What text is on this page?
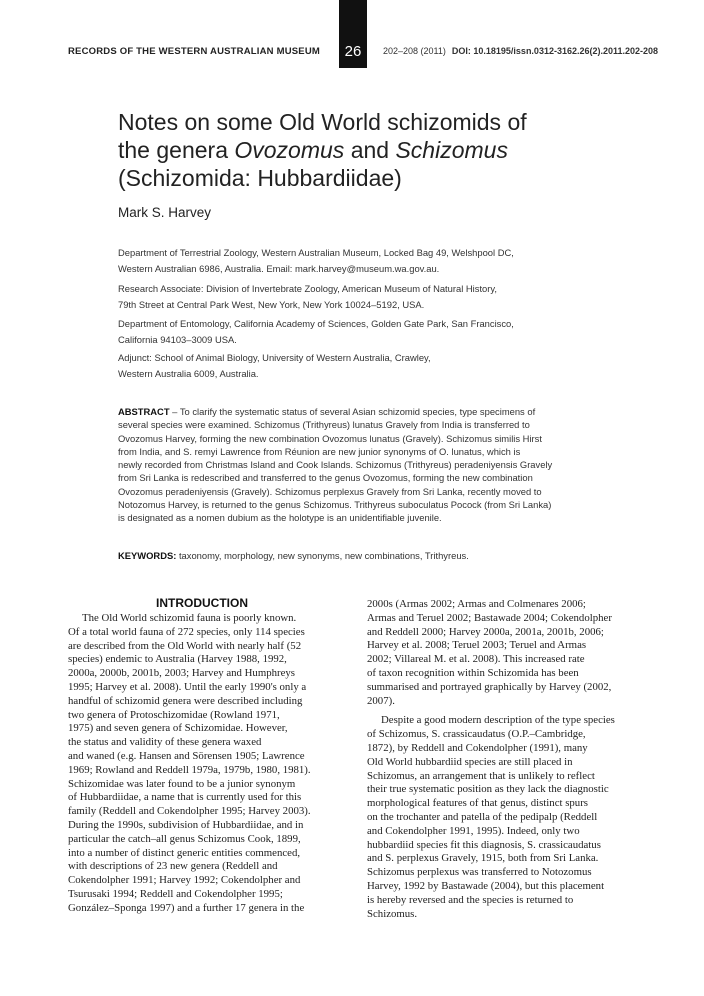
RECORDS OF THE WESTERN AUSTRALIAN MUSEUM 26 202–208 (2011) DOI: 10.18195/issn.0312-3162.26(2).2011.202-208
Notes on some Old World schizomids of
the genera Ovozomus and Schizomus
(Schizomida: Hubbardiidae)
Mark S. Harvey
Department of Terrestrial Zoology, Western Australian Museum, Locked Bag 49, Welshpool DC,
Western Australian 6986, Australia. Email: mark.harvey@museum.wa.gov.au.
Research Associate: Division of Invertebrate Zoology, American Museum of Natural History,
79th Street at Central Park West, New York, New York 10024–5192, USA.
Department of Entomology, California Academy of Sciences, Golden Gate Park, San Francisco,
California 94103–3009 USA.
Adjunct: School of Animal Biology, University of Western Australia, Crawley,
Western Australia 6009, Australia.
ABSTRACT – To clarify the systematic status of several Asian schizomid species, type specimens of
several species were examined. Schizomus (Trithyreus) lunatus Gravely from India is transferred to
Ovozomus Harvey, forming the new combination Ovozomus lunatus (Gravely). Schizomus similis Hirst
from India, and S. remyi Lawrence from Réunion are new junior synonyms of O. lunatus, which is
newly recorded from Christmas Island and Cook Islands. Schizomus (Trithyreus) peradeniyensis Gravely
from Sri Lanka is redescribed and transferred to the genus Ovozomus, forming the new combination
Ovozomus peradeniyensis (Gravely). Schizomus perplexus Gravely from Sri Lanka, recently moved to
Notozomus Harvey, is returned to the genus Schizomus. Trithyreus suboculatus Pocock (from Sri Lanka)
is designated as a nomen dubium as the holotype is an unidentifiable juvenile.
KEYWORDS: taxonomy, morphology, new synonyms, new combinations, Trithyreus.
INTRODUCTION
The Old World schizomid fauna is poorly known.
Of a total world fauna of 272 species, only 114 species
are described from the Old World with nearly half (52
species) endemic to Australia (Harvey 1988, 1992,
2000a, 2000b, 2001b, 2003; Harvey and Humphreys
1995; Harvey et al. 2008). Until the early 1990's only a
handful of schizomid genera were described including
two genera of Protoschizomidae (Rowland 1971,
1975) and seven genera of Schizomidae. However,
the status and validity of these genera waxed
and waned (e.g. Hansen and Sörensen 1905; Lawrence
1969; Rowland and Reddell 1979a, 1979b, 1980, 1981).
Schizomidae was later found to be a junior synonym
of Hubbardiidae, a name that is currently used for this
family (Reddell and Cokendolpher 1995; Harvey 2003).
During the 1990s, subdivision of Hubbardiidae, and in
particular the catch–all genus Schizomus Cook, 1899,
into a number of distinct generic entities commenced,
with descriptions of 23 new genera (Reddell and
Cokendolpher 1991; Harvey 1992; Cokendolpher and
Tsurusaki 1994; Reddell and Cokendolpher 1995;
González–Sponga 1997) and a further 17 genera in the
2000s (Armas 2002; Armas and Colmenares 2006;
Armas and Teruel 2002; Bastawade 2004; Cokendolpher
and Reddell 2000; Harvey 2000a, 2001a, 2001b, 2006;
Harvey et al. 2008; Teruel 2003; Teruel and Armas
2002; Villareal M. et al. 2008). This increased rate
of taxon recognition within Schizomida has been
summarised and portrayed graphically by Harvey (2002,
2007).
Despite a good modern description of the type species
of Schizomus, S. crassicaudatus (O.P.–Cambridge,
1872), by Reddell and Cokendolpher (1991), many
Old World hubbardiid species are still placed in
Schizomus, an arrangement that is unlikely to reflect
their true systematic position as they lack the diagnostic
morphological features of that genus, distinct spurs
on the trochanter and patella of the pedipalp (Reddell
and Cokendolpher 1991, 1995). Indeed, only two
hubbardiid species fit this diagnosis, S. crassicaudatus
and S. perplexus Gravely, 1915, both from Sri Lanka.
Schizomus perplexus was transferred to Notozomus
Harvey, 1992 by Bastawade (2004), but this placement
is hereby reversed and the species is returned to
Schizomus.
